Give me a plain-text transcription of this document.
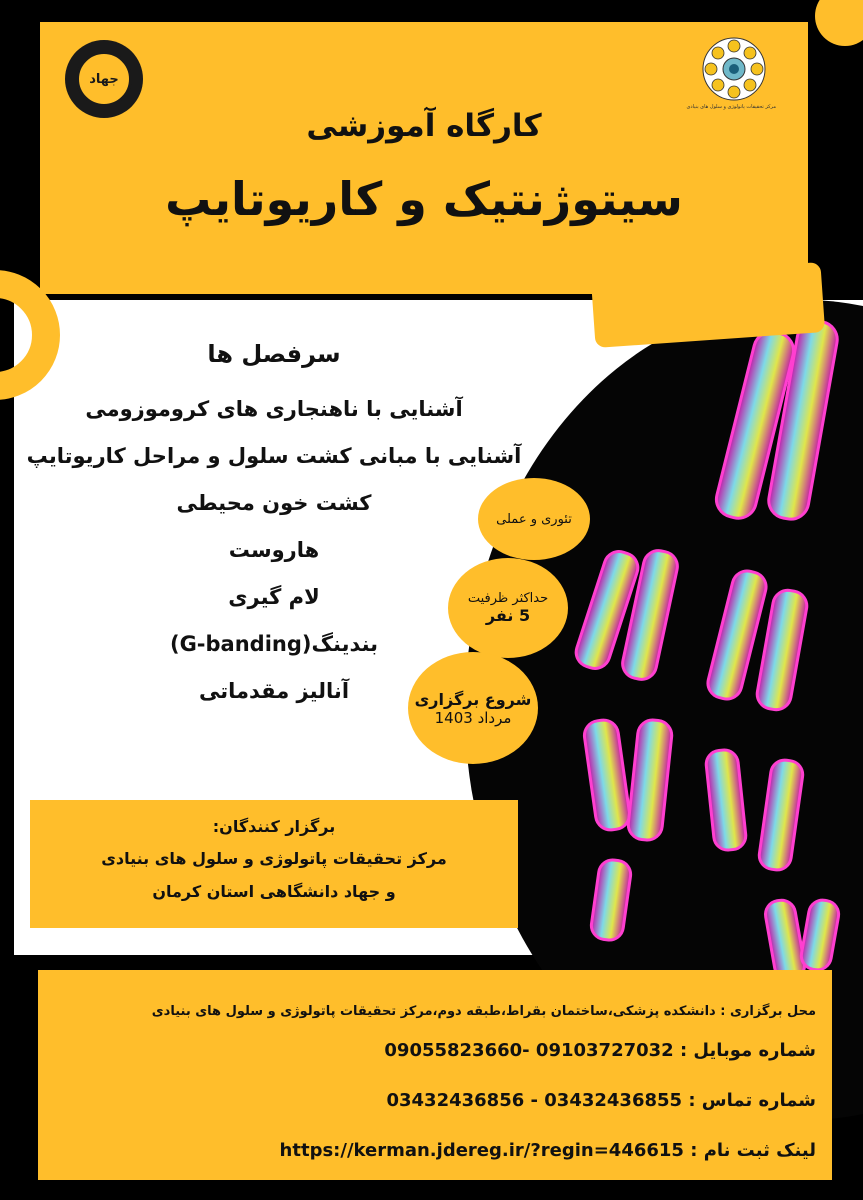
جهاد
مرکز تحقیقات پاتولوژی و سلول های بنیادی
کارگاه آموزشی
سیتوژنتیک و کاریوتایپ
سرفصل ها
آشنایی با ناهنجاری های کروموزومی
آشنایی با مبانی کشت سلول و مراحل کاریوتایپ
کشت خون محیطی
هاروست
لام گیری
بندینگ(G-banding)
آنالیز مقدماتی
تئوری و عملی
حداکثر ظرفیت
5 نفر
شروع برگزاری
مرداد 1403
برگزار کنندگان:
مرکز تحقیقات پاتولوژی و سلول های بنیادی
و جهاد دانشگاهی استان کرمان
محل برگزاری : دانشکده پزشکی،ساختمان بقراط،طبقه دوم،مرکز تحقیقات پاتولوژی و سلول های بنیادی
شماره موبایل : 09103727032 -09055823660
شماره تماس : 03432436855 - 03432436856
لینک ثبت نام : https://kerman.jdereg.ir/?regin=446615
